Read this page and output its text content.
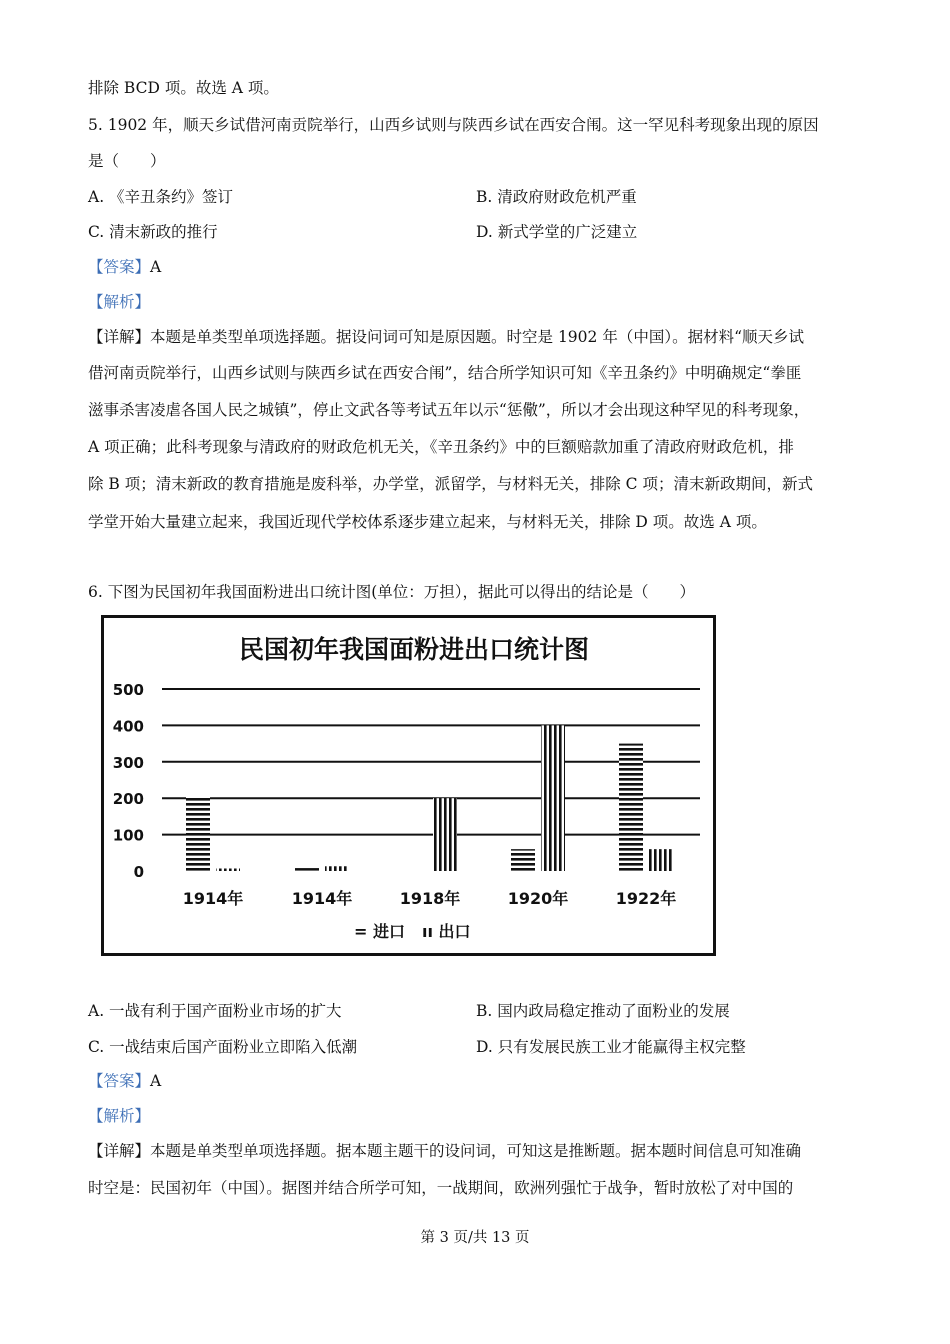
排除 BCD 项。故选 A 项。
5. 1902 年，顺天乡试借河南贡院举行，山西乡试则与陕西乡试在西安合闱。这一罕见科考现象出现的原因
是（　　）
A. 《辛丑条约》签订	B. 清政府财政危机严重
C. 清末新政的推行	D. 新式学堂的广泛建立
【答案】A
【解析】
【详解】本题是单类型单项选择题。据设问词可知是原因题。时空是 1902 年（中国）。据材料“顺天乡试
借河南贡院举行，山西乡试则与陕西乡试在西安合闱”，结合所学知识可知《辛丑条约》中明确规定“拳匪
滋事杀害凌虐各国人民之城镇”，停止文武各等考试五年以示“惩儆”，所以才会出现这种罕见的科考现象，
A 项正确；此科考现象与清政府的财政危机无关，《辛丑条约》中的巨额赔款加重了清政府财政危机，排
除 B 项；清末新政的教育措施是废科举，办学堂，派留学，与材料无关，排除 C 项；清末新政期间，新式
学堂开始大量建立起来，我国近现代学校体系逐步建立起来，与材料无关，排除 D 项。故选 A 项。
6. 下图为民国初年我国面粉进出口统计图(单位：万担），据此可以得出的结论是（　　）
民国初年我国面粉进出口统计图
500
400
300
200
100
0
1914年	1914年	1918年	1920年	1922年
= 进口 ıı 出口
A. 一战有利于国产面粉业市场的扩大	B. 国内政局稳定推动了面粉业的发展
C. 一战结束后国产面粉业立即陷入低潮	D. 只有发展民族工业才能赢得主权完整
【答案】A
【解析】
【详解】本题是单类型单项选择题。据本题主题干的设问词，可知这是推断题。据本题时间信息可知准确
时空是：民国初年（中国）。据图并结合所学可知，一战期间，欧洲列强忙于战争，暂时放松了对中国的
第 3 页/共 13 页
